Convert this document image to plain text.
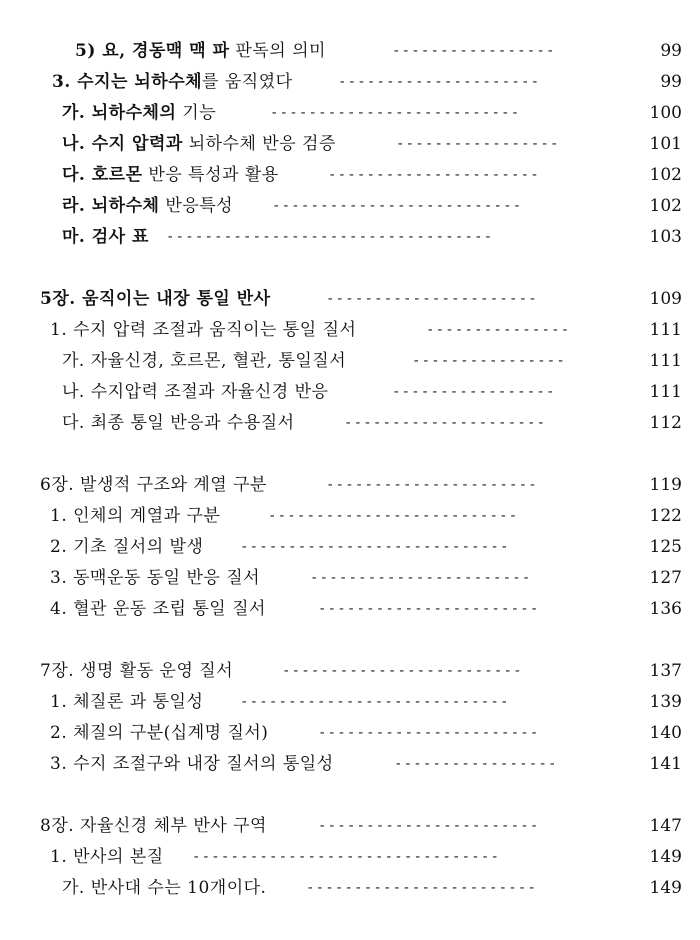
5) 요, 경동맥 맥 파 판독의 의미	-----------------	99
3. 수지는 뇌하수체를 움직였다	---------------------	99
가. 뇌하수체의 기능	--------------------------	100
나. 수지 압력과 뇌하수체 반응 검증	-----------------	101
다. 호르몬 반응 특성과 활용	----------------------	102
라. 뇌하수체 반응특성	--------------------------	102
마. 검사 표 ----------------------------------	103
5장. 움직이는 내장 통일 반사	----------------------	109
1. 수지 압력 조절과 움직이는 통일 질서	---------------	111
가. 자율신경, 호르몬, 혈관, 통일질서	----------------	111
나. 수지압력 조절과 자율신경 반응	-----------------	111
다. 최종 통일 반응과 수용질서	---------------------	112
6장. 발생적 구조와 계열 구분	----------------------	119
1. 인체의 계열과 구분	--------------------------	122
2. 기초 질서의 발생	----------------------------	125
3. 동맥운동 동일 반응 질서	-----------------------	127
4. 혈관 운동 조립 통일 질서	-----------------------	136
7장. 생명 활동 운영 질서	-------------------------	137
1. 체질론 과 통일성	----------------------------	139
2. 체질의 구분(십계명 질서)	-----------------------	140
3. 수지 조절구와 내장 질서의 통일성	-----------------	141
8장. 자율신경 체부 반사 구역	-----------------------	147
1. 반사의 본질 --------------------------------	149
가. 반사대 수는 10개이다.	------------------------	149
